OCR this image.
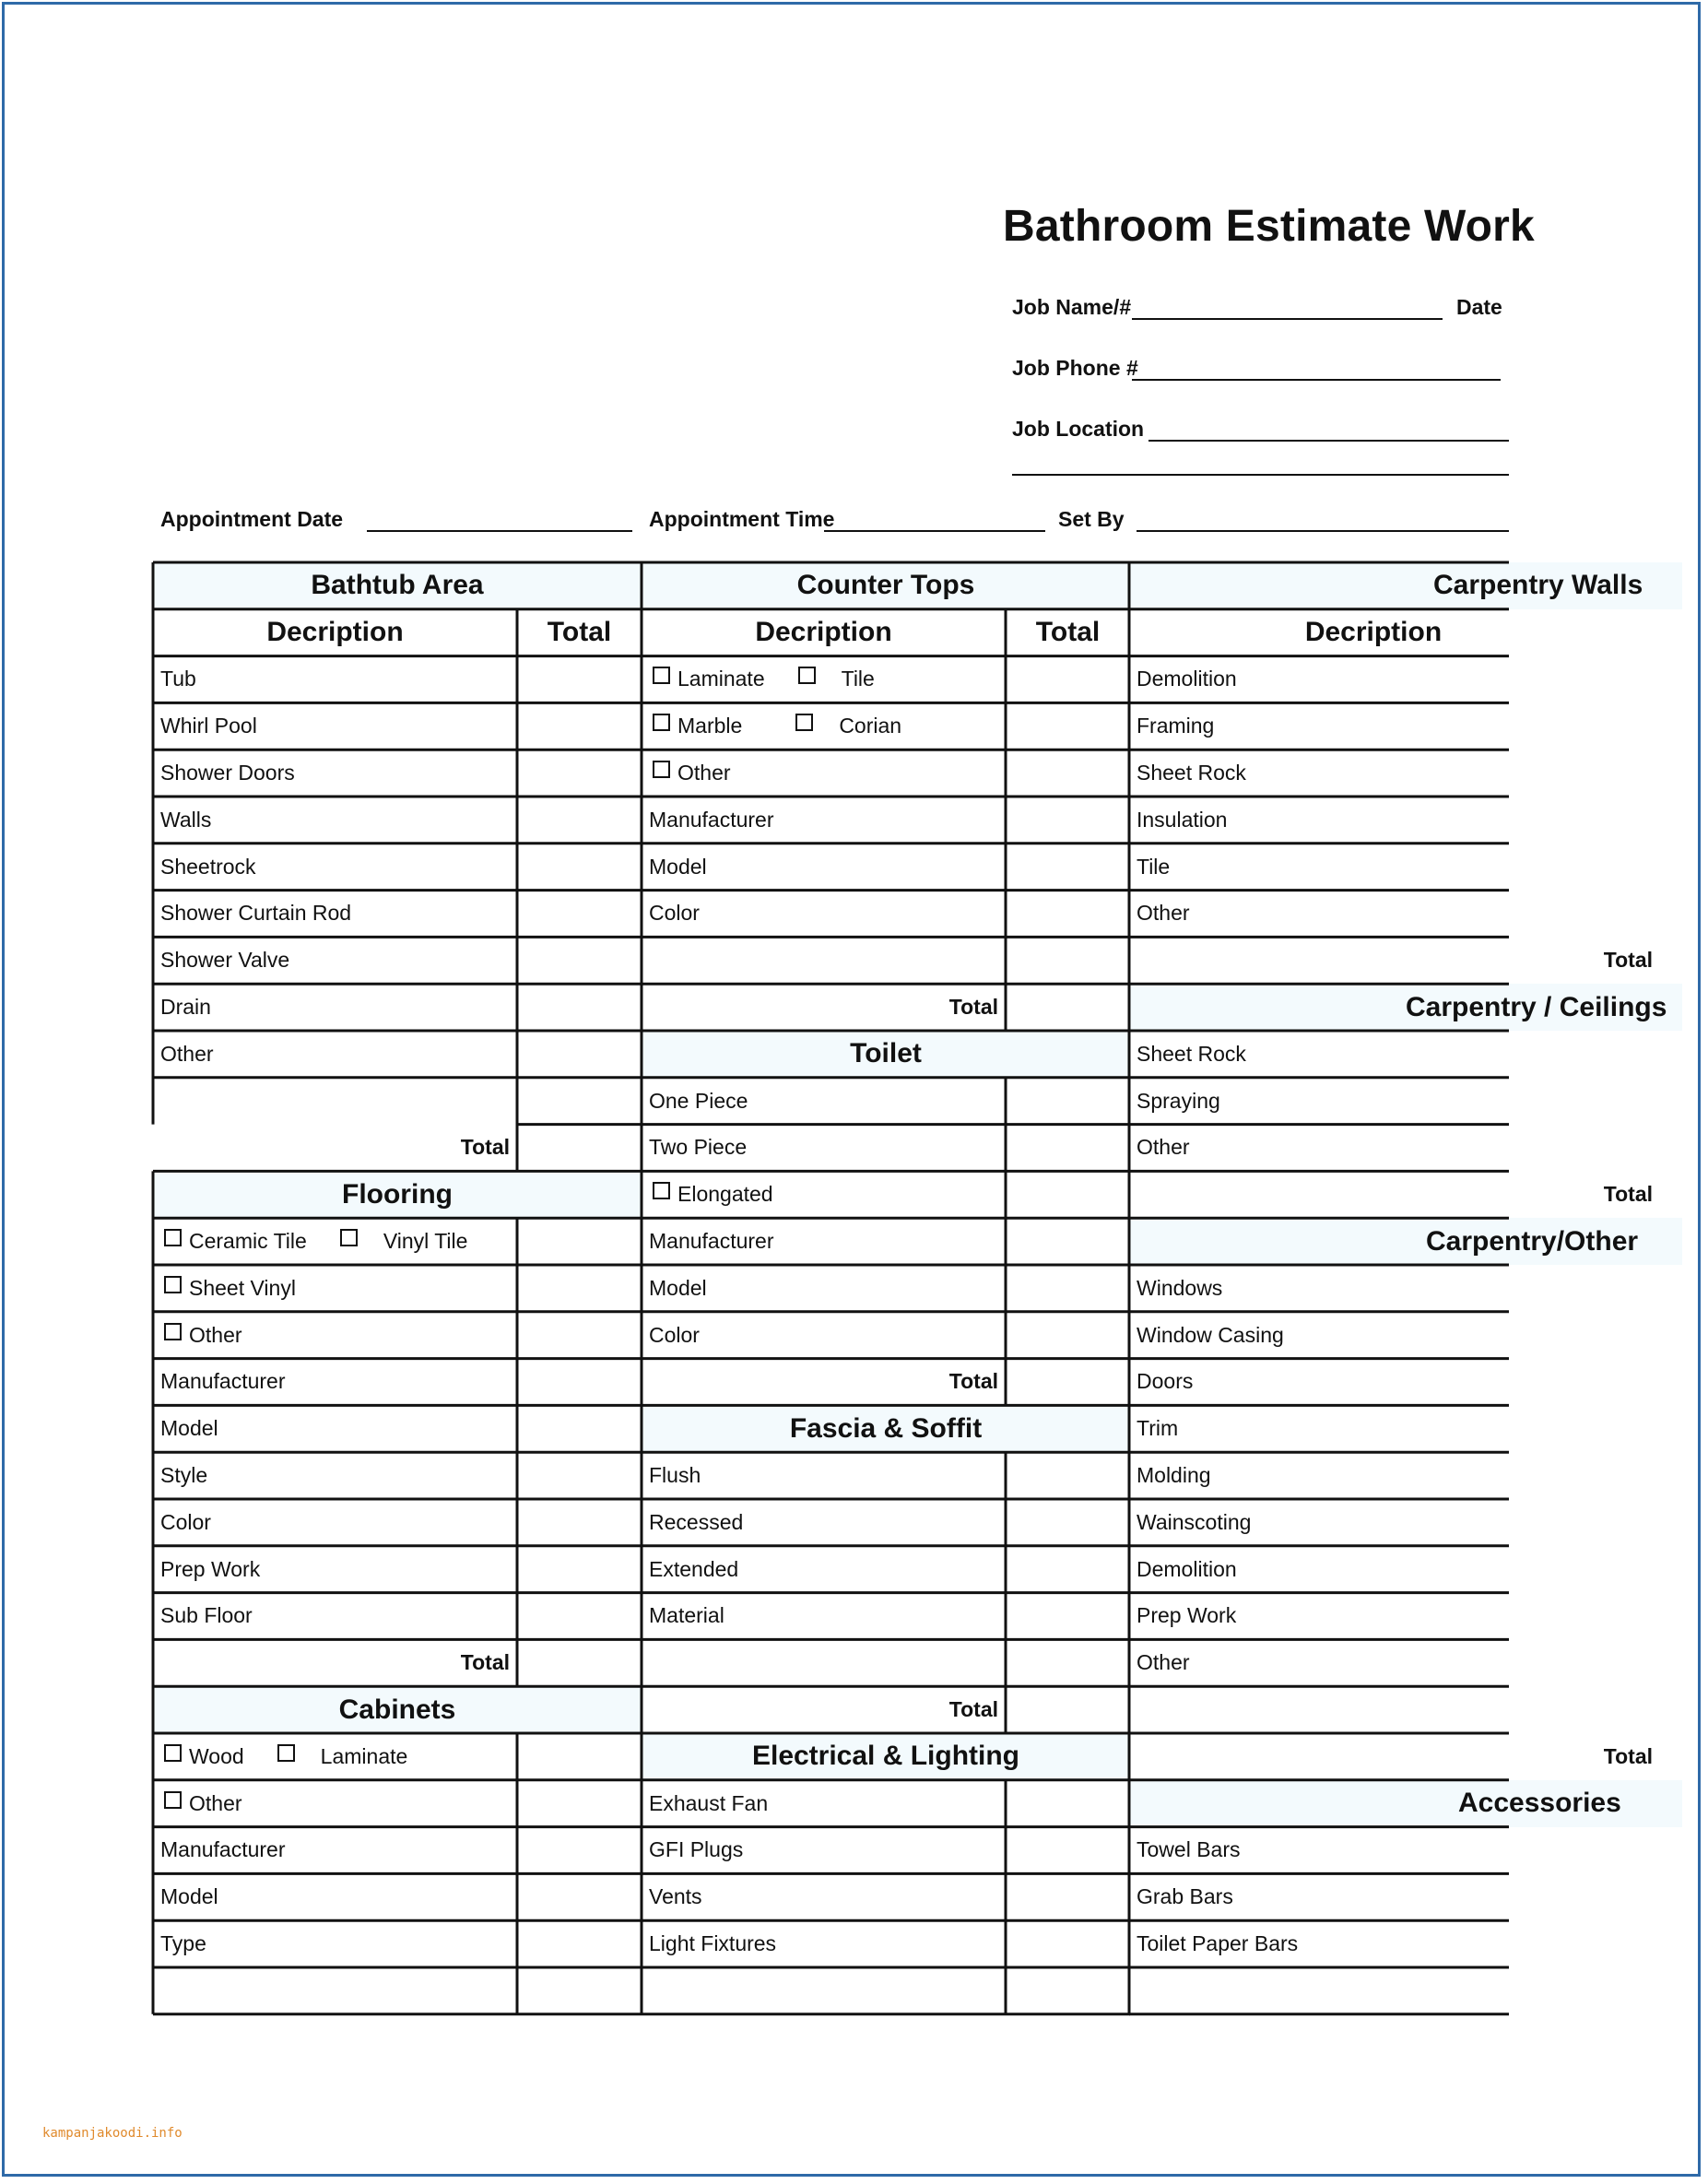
Bathroom Estimate Work
Job Name/#	Date
Job Phone #
Job Location
Appointment Date	Appointment Time	Set By
Bathtub Area
Decription	Total
Tub
Whirl Pool
Shower Doors
Walls
Sheetrock
Shower Curtain Rod
Shower Valve
Drain
Other
Total
Flooring
Ceramic Tile	Vinyl Tile
Sheet Vinyl
Other
Manufacturer
Model
Style
Color
Prep Work
Sub Floor
Total
Cabinets
Wood	Laminate
Other
Manufacturer
Model
Type
Counter Tops
Decription	Total
Laminate	Tile
Marble	Corian
Other
Manufacturer
Model
Color
Total
Toilet
One Piece
Two Piece
Elongated
Manufacturer
Model
Color
Total
Fascia & Soffit
Flush
Recessed
Extended
Material
Total
Electrical & Lighting
Exhaust Fan
GFI Plugs
Vents
Light Fixtures
Carpentry Walls
Decription
Demolition
Framing
Sheet Rock
Insulation
Tile
Other
Total
Carpentry / Ceilings
Sheet Rock
Spraying
Other
Total
Carpentry/Other
Windows
Window Casing
Doors
Trim
Molding
Wainscoting
Demolition
Prep Work
Other
Total
Accessories
Towel Bars
Grab Bars
Toilet Paper Bars
kampanjakoodi.info
